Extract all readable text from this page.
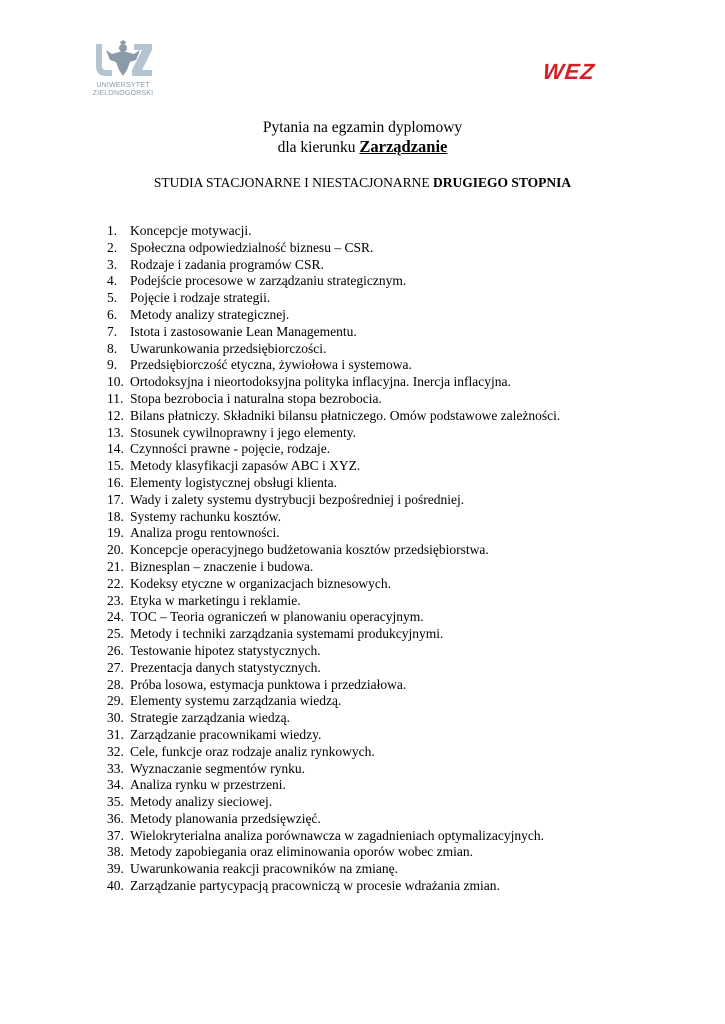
UNIWERSYTET
ZIELONOGÓRSKI
WEZ
Pytania na egzamin dyplomowy
dla kierunku Zarządzanie
STUDIA STACJONARNE I NIESTACJONARNE DRUGIEGO STOPNIA
1. Koncepcje motywacji.
2. Społeczna odpowiedzialność biznesu – CSR.
3. Rodzaje i zadania programów CSR.
4. Podejście procesowe w zarządzaniu strategicznym.
5. Pojęcie i rodzaje strategii.
6. Metody analizy strategicznej.
7. Istota i zastosowanie Lean Managementu.
8. Uwarunkowania przedsiębiorczości.
9. Przedsiębiorczość etyczna, żywiołowa i systemowa.
10. Ortodoksyjna i nieortodoksyjna polityka inflacyjna. Inercja inflacyjna.
11. Stopa bezrobocia i naturalna stopa bezrobocia.
12. Bilans płatniczy. Składniki bilansu płatniczego. Omów podstawowe zależności.
13. Stosunek cywilnoprawny i jego elementy.
14. Czynności prawne - pojęcie, rodzaje.
15. Metody klasyfikacji zapasów ABC i XYZ.
16. Elementy logistycznej obsługi klienta.
17. Wady i zalety systemu dystrybucji bezpośredniej i pośredniej.
18. Systemy rachunku kosztów.
19. Analiza progu rentowności.
20. Koncepcje operacyjnego budżetowania kosztów przedsiębiorstwa.
21. Biznesplan – znaczenie i budowa.
22. Kodeksy etyczne w organizacjach biznesowych.
23. Etyka w marketingu i reklamie.
24. TOC – Teoria ograniczeń w planowaniu operacyjnym.
25. Metody i techniki zarządzania systemami produkcyjnymi.
26. Testowanie hipotez statystycznych.
27. Prezentacja danych statystycznych.
28. Próba losowa, estymacja punktowa i przedziałowa.
29. Elementy systemu zarządzania wiedzą.
30. Strategie zarządzania wiedzą.
31. Zarządzanie pracownikami wiedzy.
32. Cele, funkcje oraz rodzaje analiz rynkowych.
33. Wyznaczanie segmentów rynku.
34. Analiza rynku w przestrzeni.
35. Metody analizy sieciowej.
36. Metody planowania przedsięwzięć.
37. Wielokryterialna analiza porównawcza w zagadnieniach optymalizacyjnych.
38. Metody zapobiegania oraz eliminowania oporów wobec zmian.
39. Uwarunkowania reakcji pracowników na zmianę.
40. Zarządzanie partycypacją pracowniczą w procesie wdrażania zmian.
